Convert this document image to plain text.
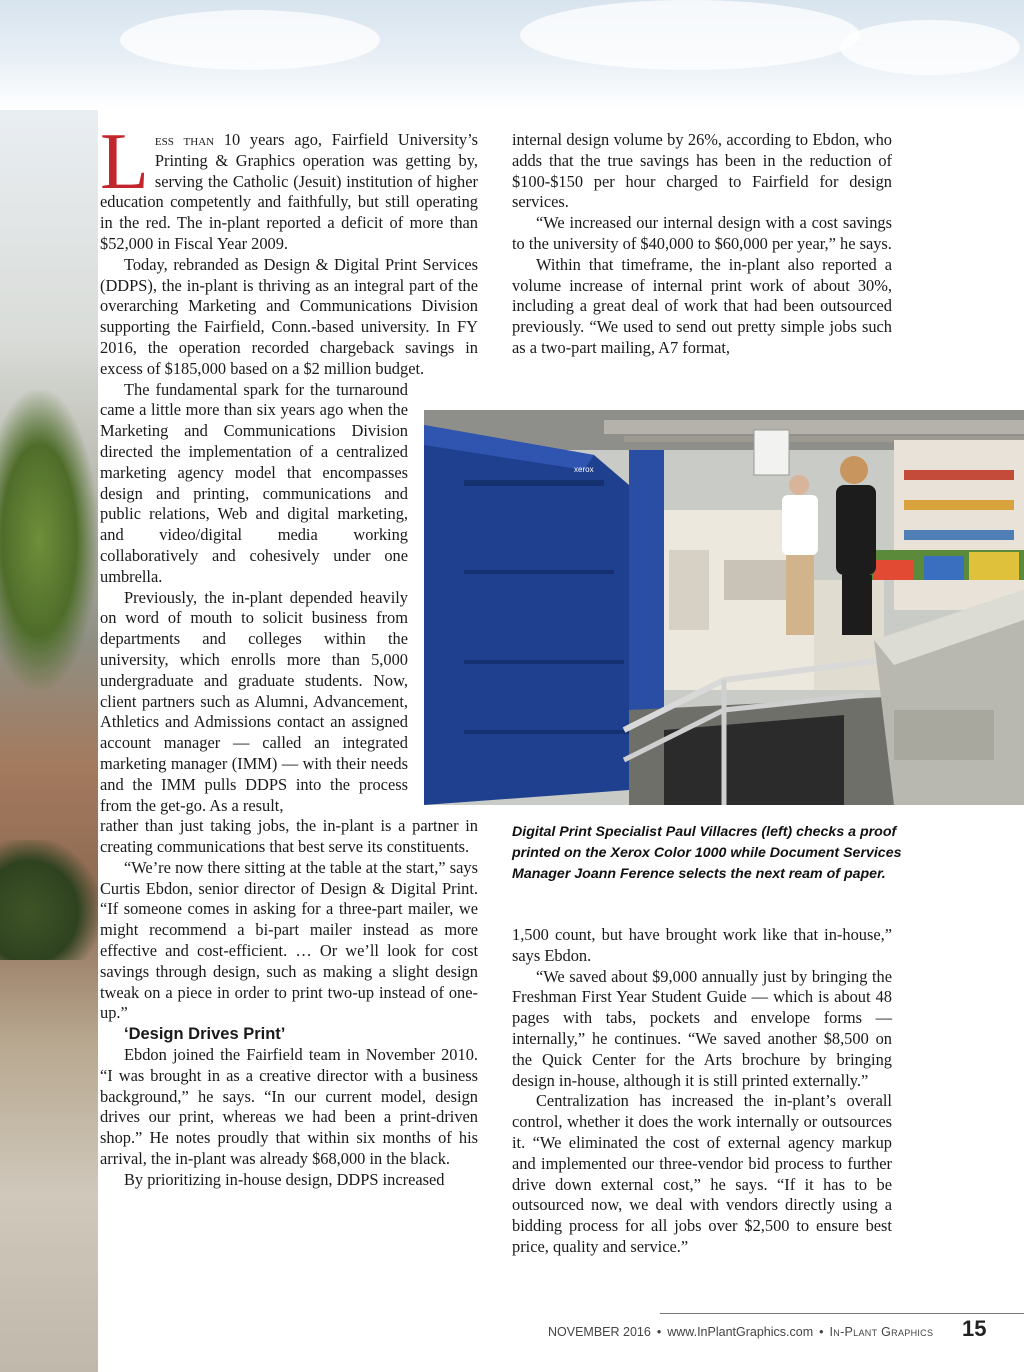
Less than 10 years ago, Fairfield University’s Printing & Graphics operation was getting by, serving the Catholic (Jesuit) institution of higher education competently and faithfully, but still operating in the red. The in-plant reported a deficit of more than $52,000 in Fiscal Year 2009.

Today, rebranded as Design & Digital Print Services (DDPS), the in-plant is thriving as an integral part of the overarching Marketing and Communications Division supporting the Fairfield, Conn.-based university. In FY 2016, the operation recorded chargeback savings in excess of $185,000 based on a $2 million budget.

The fundamental spark for the turnaround came a little more than six years ago when the Marketing and Communications Division directed the implementation of a centralized marketing agency model that encompasses design and printing, communications and public relations, Web and digital marketing, and video/digital media working collaboratively and cohesively under one umbrella.

Previously, the in-plant depended heavily on word of mouth to solicit business from departments and colleges within the university, which enrolls more than 5,000 undergraduate and graduate students. Now, client partners such as Alumni, Advancement, Athletics and Admissions contact an assigned account manager — called an integrated marketing manager (IMM) — with their needs and the IMM pulls DDPS into the process from the get-go. As a result,

rather than just taking jobs, the in-plant is a partner in creating communications that best serve its constituents.

“We’re now there sitting at the table at the start,” says Curtis Ebdon, senior director of Design & Digital Print. “If someone comes in asking for a three-part mailer, we might recommend a bi-part mailer instead as more effective and cost-efficient. … Or we’ll look for cost savings through design, such as making a slight design tweak on a piece in order to print two-up instead of one-up.”

‘Design Drives Print’

Ebdon joined the Fairfield team in November 2010. “I was brought in as a creative director with a business background,” he says. “In our current model, design drives our print, whereas we had been a print-driven shop.” He notes proudly that within six months of his arrival, the in-plant was already $68,000 in the black.

By prioritizing in-house design, DDPS increased

internal design volume by 26%, according to Ebdon, who adds that the true savings has been in the reduction of $100-$150 per hour charged to Fairfield for design services.

“We increased our internal design with a cost savings to the university of $40,000 to $60,000 per year,” he says.

Within that timeframe, the in-plant also reported a volume increase of internal print work of about 30%, including a great deal of work that had been outsourced previously. “We used to send out pretty simple jobs such as a two-part mailing, A7 format,

xerox
Digital Print Specialist Paul Villacres (left) checks a proof printed on the Xerox Color 1000 while Document Services Manager Joann Ference selects the next ream of paper.

1,500 count, but have brought work like that in-house,” says Ebdon.

“We saved about $9,000 annually just by bringing the Freshman First Year Student Guide — which is about 48 pages with tabs, pockets and envelope forms — internally,” he continues. “We saved another $8,500 on the Quick Center for the Arts brochure by bringing design in-house, although it is still printed externally.”

Centralization has increased the in-plant’s overall control, whether it does the work internally or outsources it. “We eliminated the cost of external agency markup and implemented our three-vendor bid process to further drive down external cost,” he says. “If it has to be outsourced now, we deal with vendors directly using a bidding process for all jobs over $2,500 to ensure best price, quality and service.”

NOVEMBER 2016 • www.InPlantGraphics.com • In-Plant Graphics 15
